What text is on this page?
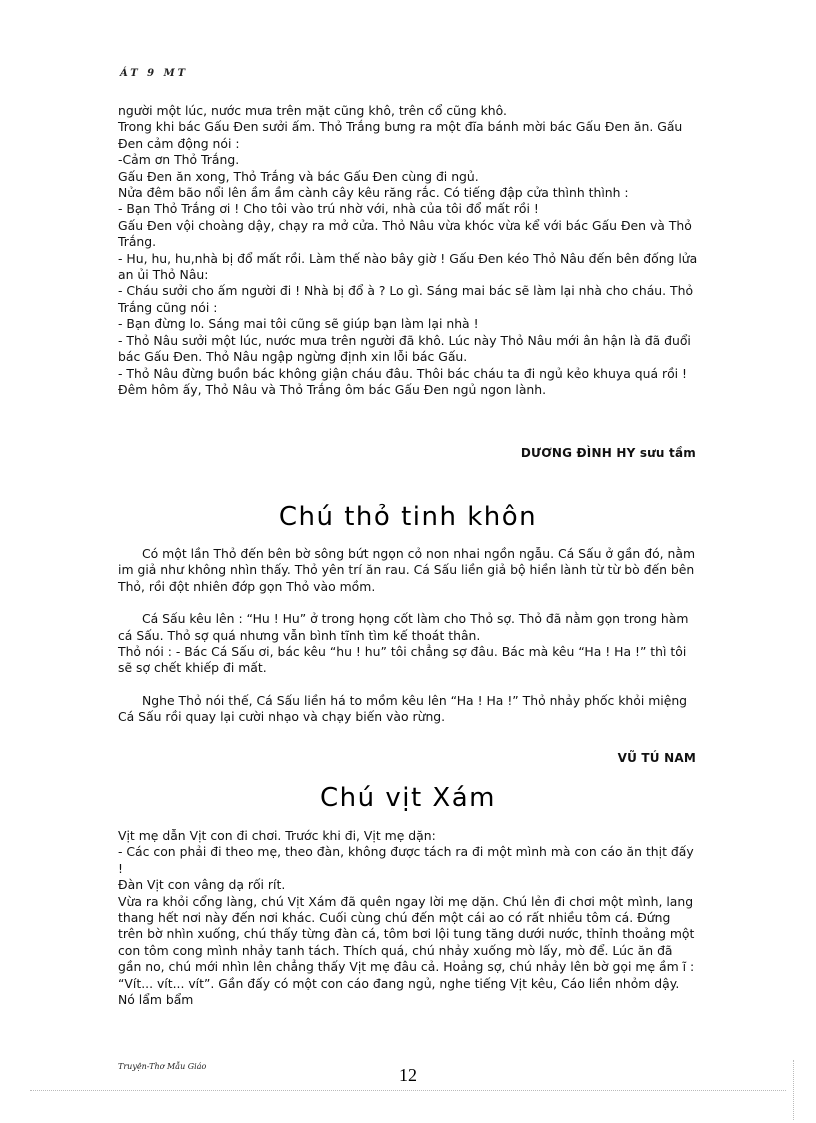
ÁT 9 MT

người một lúc, nước mưa trên mặt cũng khô, trên cổ cũng khô.

Trong khi bác Gấu Đen sưởi ấm. Thỏ Trắng bưng ra một đĩa bánh mời bác Gấu Đen ăn. Gấu Đen cảm động nói :

-Cảm ơn Thỏ Trắng.

Gấu Đen ăn xong, Thỏ Trắng và bác Gấu Đen cùng đi ngủ.

Nửa đêm bão nổi lên ầm ầm cành cây kêu răng rắc. Có tiếng đập cửa thình thình :

- Bạn Thỏ Trắng ơi ! Cho tôi vào trú nhờ với, nhà của tôi đổ mất rồi !

Gấu Đen vội choàng dậy, chạy ra mở cửa. Thỏ Nâu vừa khóc vừa kể với bác Gấu Đen và Thỏ Trắng.

- Hu, hu, hu,nhà bị đổ mất rồi. Làm thế nào bây giờ ! Gấu Đen kéo Thỏ Nâu đến bên đống lửa an ủi Thỏ Nâu:

- Cháu sưởi cho ấm người đi ! Nhà bị đổ à ? Lo gì. Sáng mai bác sẽ làm lại nhà cho cháu. Thỏ Trắng cũng nói :

- Bạn đừng lo. Sáng mai tôi cũng sẽ giúp bạn làm lại nhà !

- Thỏ Nâu sưởi một lúc, nước mưa trên người đã khô. Lúc này Thỏ Nâu mới ân hận là đã đuổi bác Gấu Đen. Thỏ Nâu ngập ngừng định xin lỗi bác Gấu.

- Thỏ Nâu đừng buồn bác không giận cháu đâu. Thôi bác cháu ta đi ngủ kẻo khuya quá rồi !

Đêm hôm ấy, Thỏ Nâu và Thỏ Trắng ôm bác Gấu Đen ngủ ngon lành.

DƯƠNG ĐÌNH HY sưu tầm
Chú thỏ tinh khôn

Có một lần Thỏ đến bên bờ sông bứt ngọn cỏ non nhai ngồn ngẫu. Cá Sấu ở gần đó, nằm im giả như không nhìn thấy. Thỏ yên trí ăn rau. Cá Sấu liền giả bộ hiền lành từ từ bò đến bên Thỏ, rồi đột nhiên đớp gọn Thỏ vào mồm.

Cá Sấu kêu lên : “Hu ! Hu” ở trong họng cốt làm cho Thỏ sợ. Thỏ đã nằm gọn trong hàm cá Sấu. Thỏ sợ quá nhưng vẫn bình tĩnh tìm kế thoát thân.

Thỏ nói : - Bác Cá Sấu ơi, bác kêu “hu ! hu” tôi chẳng sợ đâu. Bác mà kêu “Ha ! Ha !” thì tôi sẽ sợ chết khiếp đi mất.

Nghe Thỏ nói thế, Cá Sấu liền há to mồm kêu lên “Ha ! Ha !” Thỏ nhảy phốc khỏi miệng Cá Sấu rồi quay lại cười nhạo và chạy biến vào rừng.

VŨ TÚ NAM
Chú vịt Xám

Vịt mẹ dẫn Vịt con đi chơi. Trước khi đi, Vịt mẹ dặn:

- Các con phải đi theo mẹ, theo đàn, không được tách ra đi một mình mà con cáo ăn thịt đấy !

Đàn Vịt con vâng dạ rối rít.

Vừa ra khỏi cổng làng, chú Vịt Xám đã quên ngay lời mẹ dặn. Chú lẻn đi chơi một mình, lang thang hết nơi này đến nơi khác. Cuối cùng chú đến một cái ao có rất nhiều tôm cá. Đứng trên bờ nhìn xuống, chú thấy từng đàn cá, tôm bơi lội tung tăng dưới nước, thỉnh thoảng một con tôm cong mình nhảy tanh tách. Thích quá, chú nhảy xuống mò lấy, mò để. Lúc ăn đã gần no, chú mới nhìn lên chẳng thấy Vịt mẹ đâu cả. Hoảng sợ, chú nhảy lên bờ gọi mẹ ầm ĩ : “Vít... vít... vít”. Gần đấy có một con cáo đang ngủ, nghe tiếng Vịt kêu, Cáo liền nhỏm dậy. Nó lẩm bẩm

Truyện-Thơ Mẫu Giáo	12
